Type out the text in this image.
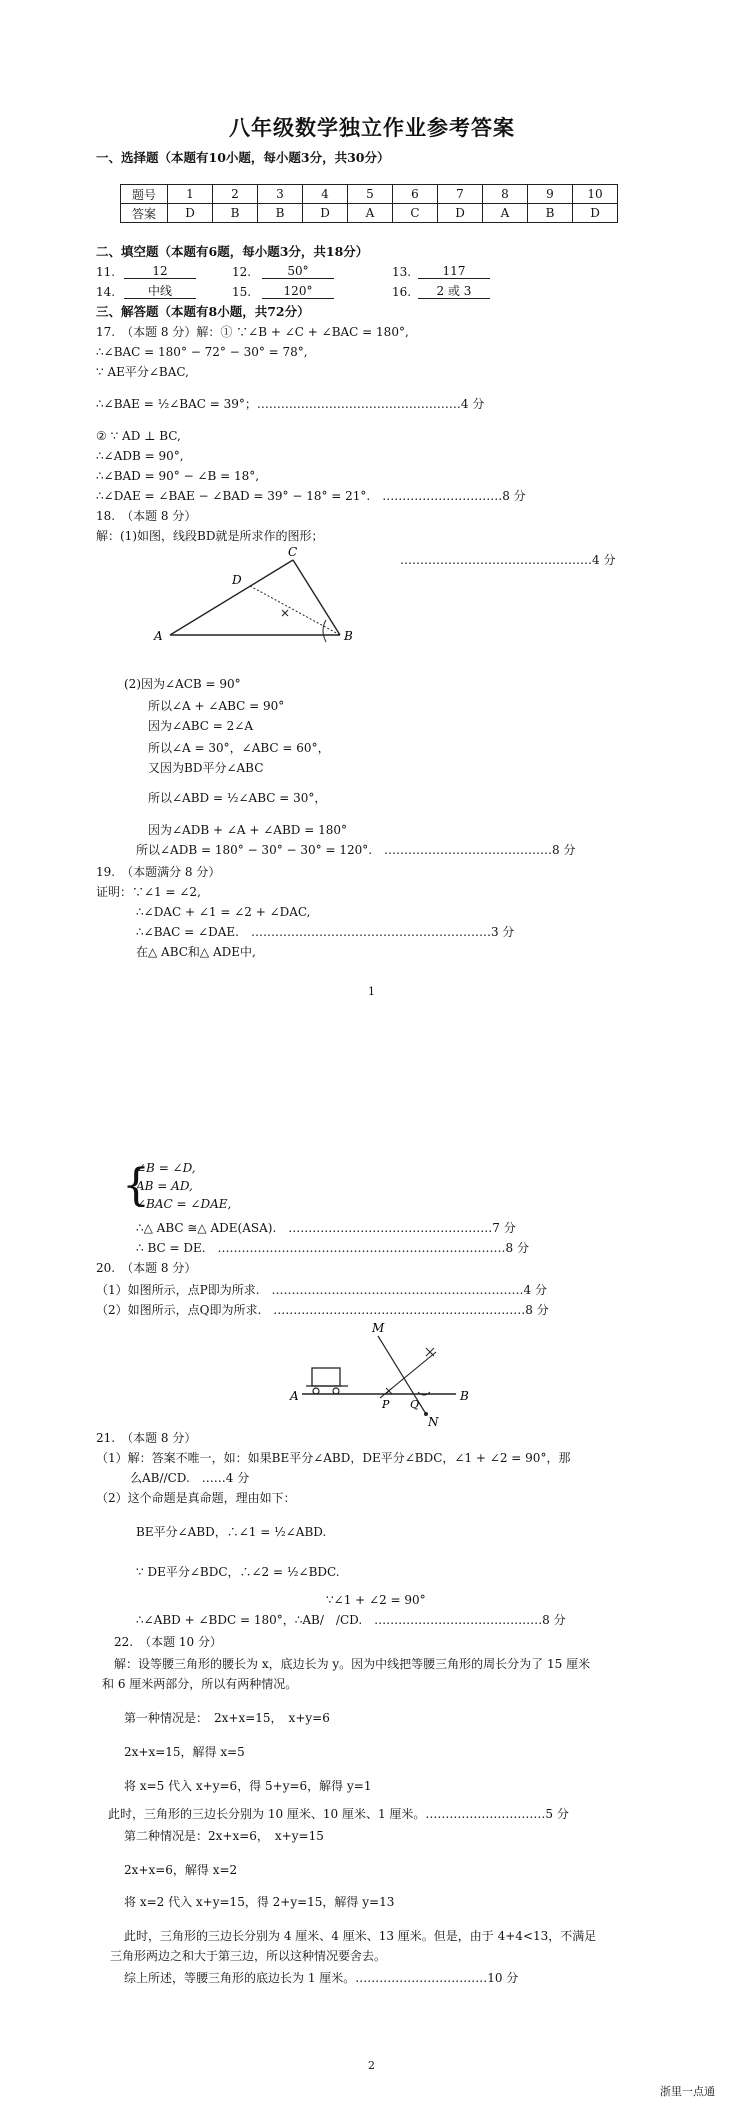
八年级数学独立作业参考答案
一、选择题（本题有10小题，每小题3分，共30分）
题号	1	2	3	4	5	6	7	8	9	10
答案	D	B	B	D	A	C	D	A	B	D
二、填空题（本题有6题，每小题3分，共18分）
11.	12	12.	50°	13.	117
14.	中线	15.	120°	16.	2 或 3
三、解答题（本题有8小题，共72分）
17.　（本题 8 分）解：① ∵∠B + ∠C + ∠BAC = 180°,
∴∠BAC = 180° − 72° − 30° = 78°,
∵ AE平分∠BAC,
∴∠BAE = ½∠BAC = 39°；……………………………………………4 分
② ∵ AD ⊥ BC,
∴∠ADB = 90°,
∴∠BAD = 90° − ∠B = 18°,
∴∠DAE = ∠BAE − ∠BAD = 39° − 18° = 21°.　…………………………8 分
18.　（本题 8 分）
解：(1)如图，线段BD就是所求作的图形；
…………………………………………4 分
A	B
C
D
(2)因为∠ACB = 90°
所以∠A + ∠ABC = 90°
因为∠ABC = 2∠A
所以∠A = 30°，∠ABC = 60°，
又因为BD平分∠ABC
所以∠ABD = ½∠ABC = 30°，
因为∠ADB + ∠A + ∠ABD = 180°
所以∠ADB = 180° − 30° − 30° = 120°.　……………………………………8 分
19.　（本题满分 8 分）
证明：∵∠1 = ∠2,
∴∠DAC + ∠1 = ∠2 + ∠DAC,
∴∠BAC = ∠DAE.　……………………………………………………3 分
在△ ABC和△ ADE中,
1
{
∠B = ∠D,
AB = AD,
∠BAC = ∠DAE,
∴△ ABC ≅△ ADE(ASA).　……………………………………………7 分
∴ BC = DE.　………………………………………………………………8 分
20.　（本题 8 分）
（1）如图所示，点P即为所求.　………………………………………………………4 分
（2）如图所示，点Q即为所求.　………………………………………………………8 分
A	B
M
N
P Q
21.　（本题 8 分）
（1）解：答案不唯一，如：如果BE平分∠ABD，DE平分∠BDC，∠1 + ∠2 = 90°，那
么AB//CD.　……4 分
（2）这个命题是真命题，理由如下：
BE平分∠ABD，∴∠1 = ½∠ABD.
∵ DE平分∠BDC，∴∠2 = ½∠BDC.
∵∠1 + ∠2 = 90°
∴∠ABD + ∠BDC = 180°，∴AB/　/CD.　……………………………………8 分
22.　（本题 10 分）
解：设等腰三角形的腰长为 x，底边长为 y。因为中线把等腰三角形的周长分为了 15 厘米
和 6 厘米两部分，所以有两种情况。
第一种情况是：　2x+x=15，　x+y=6
2x+x=15，解得 x=5
将 x=5 代入 x+y=6，得 5+y=6，解得 y=1
此时，三角形的三边长分别为 10 厘米、10 厘米、1 厘米。…………………………5 分
第二种情况是：2x+x=6，　x+y=15
2x+x=6，解得 x=2
将 x=2 代入 x+y=15，得 2+y=15，解得 y=13
此时，三角形的三边长分别为 4 厘米、4 厘米、13 厘米。但是，由于 4+4<13，不满足
三角形两边之和大于第三边，所以这种情况要舍去。
综上所述，等腰三角形的底边长为 1 厘米。……………………………10 分
2
浙里一点通
